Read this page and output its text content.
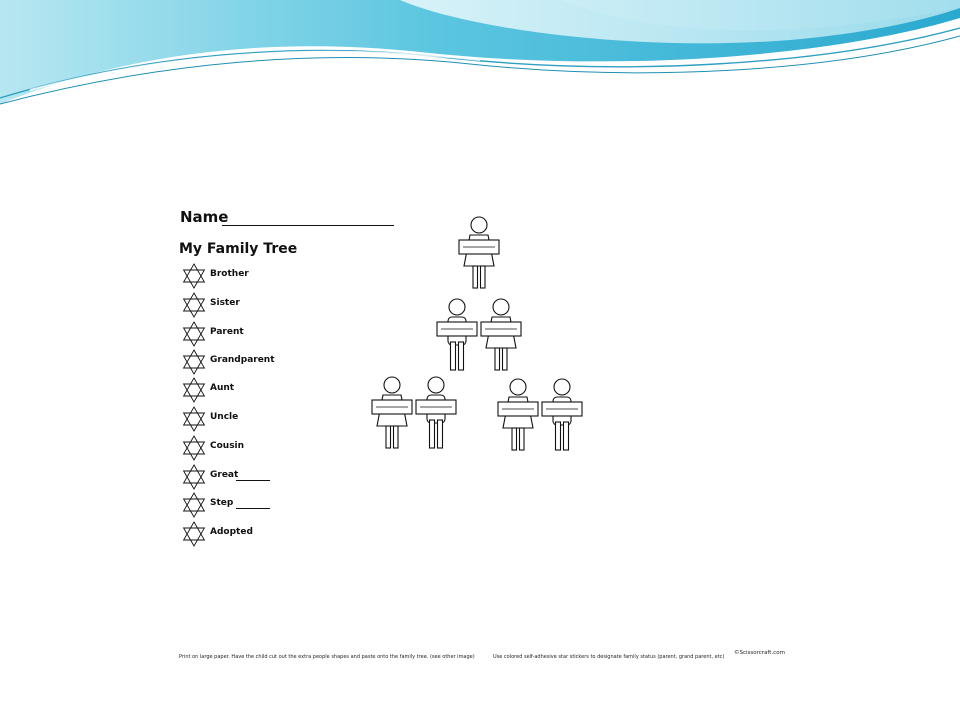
Name
My Family Tree
Brother
Sister
Parent
Grandparent
Aunt
Uncle
Cousin
Great
Step
Adopted
Print on large paper. Have the child cut out the extra people shapes and paste onto the family tree. (see other image)	Use colored self-adhesive star stickers to designate family status (parent, grand parent, etc)
©Scissorcraft.com
